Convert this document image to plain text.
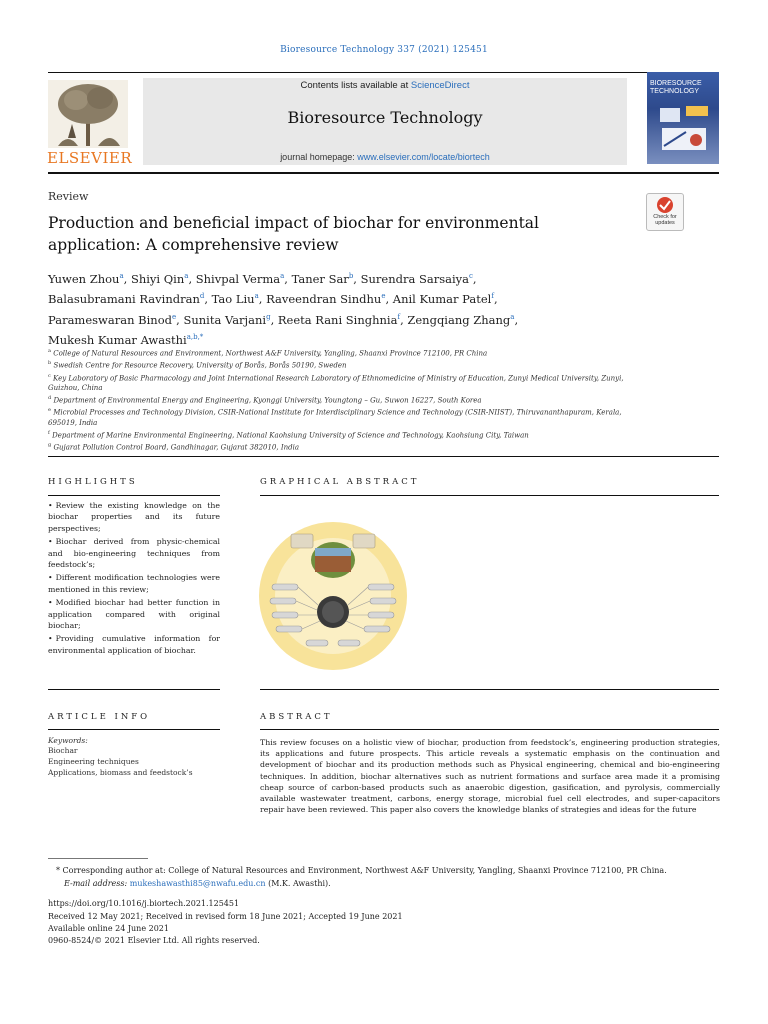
Bioresource Technology 337 (2021) 125451
ELSEVIER
Contents lists available at ScienceDirect
Bioresource Technology
journal homepage: www.elsevier.com/locate/biortech
BIORESOURCE TECHNOLOGY
Review
Production and beneficial impact of biochar for environmental application: A comprehensive review
Check for updates
Yuwen Zhou$^a$, Shiyi Qin$^a$, Shivpal Verma$^a$, Taner Sar$^b$, Surendra Sarsaiya$^c$,
Balasubramani Ravindran$^d$, Tao Liu$^a$, Raveendran Sindhu$^e$, Anil Kumar Patel$^f$,
Parameswaran Binod$^e$, Sunita Varjani$^g$, Reeta Rani Singhnia$^f$, Zengqiang Zhang$^a$,
Mukesh Kumar Awasthi$^{a,b,*}$
$^a$ College of Natural Resources and Environment, Northwest A&F University, Yangling, Shaanxi Province 712100, PR China
$^b$ Swedish Centre for Resource Recovery, University of Borås, Borås 50190, Sweden
$^c$ Key Laboratory of Basic Pharmacology and Joint International Research Laboratory of Ethnomedicine of Ministry of Education, Zunyi Medical University, Zunyi, Guizhou, China
$^d$ Department of Environmental Energy and Engineering, Kyonggi University, Youngtong – Gu, Suwon 16227, South Korea
$^e$ Microbial Processes and Technology Division, CSIR-National Institute for Interdisciplinary Science and Technology (CSIR-NIIST), Thiruvananthapuram, Kerala, 695019, India
$^f$ Department of Marine Environmental Engineering, National Kaohsiung University of Science and Technology, Kaohsiung City, Taiwan
$^g$ Gujarat Pollution Control Board, Gandhinagar, Gujarat 382010, India
HIGHLIGHTS
• Review the existing knowledge on the biochar properties and its future perspectives;
• Biochar derived from physic-chemical and bio-engineering techniques from feedstock’s;
• Different modification technologies were mentioned in this review;
• Modified biochar had better function in application compared with original biochar;
• Providing cumulative information for environmental application of biochar.
GRAPHICAL ABSTRACT
ARTICLE INFO
Keywords:
Biochar
Engineering techniques
Applications, biomass and feedstock’s
ABSTRACT
This review focuses on a holistic view of biochar, production from feedstock’s, engineering production strategies, its applications and future prospects. This article reveals a systematic emphasis on the continuation and development of biochar and its production methods such as Physical engineering, chemical and bio-engineering techniques. In addition, biochar alternatives such as nutrient formations and surface area made it a promising cheap source of carbon-based products such as anaerobic digestion, gasification, and pyrolysis, commercially available wastewater treatment, carbons, energy storage, microbial fuel cell electrodes, and super-capacitors repair have been reviewed. This paper also covers the knowledge blanks of strategies and ideas for the future
* Corresponding author at: College of Natural Resources and Environment, Northwest A&F University, Yangling, Shaanxi Province 712100, PR China.
E-mail address: mukeshawasthi85@nwafu.edu.cn (M.K. Awasthi).
https://doi.org/10.1016/j.biortech.2021.125451
Received 12 May 2021; Received in revised form 18 June 2021; Accepted 19 June 2021
Available online 24 June 2021
0960-8524/© 2021 Elsevier Ltd. All rights reserved.
